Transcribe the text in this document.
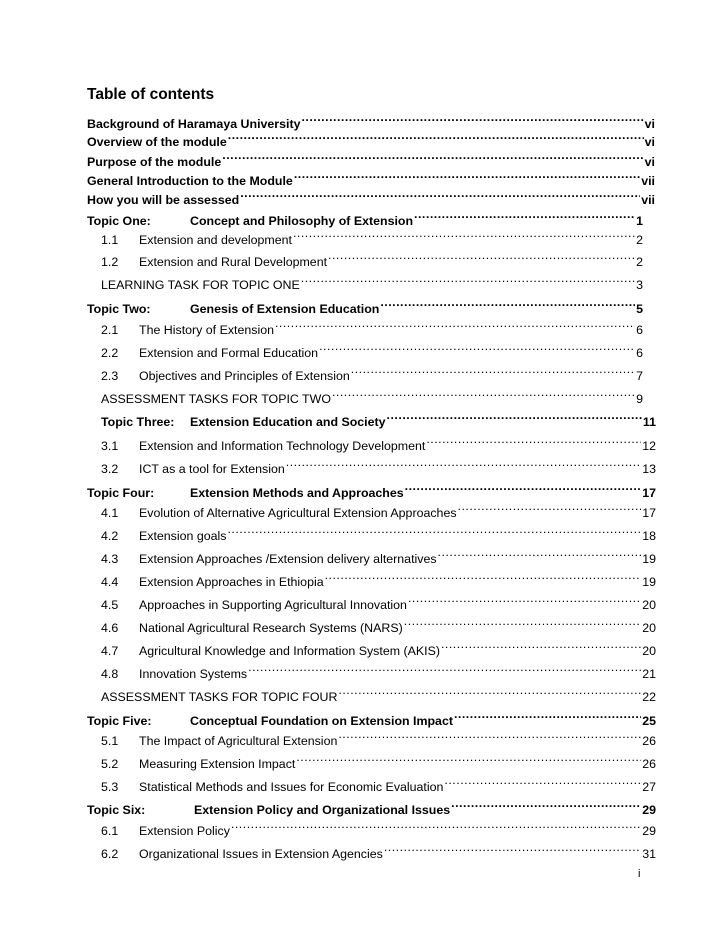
Table of contents
Background of Haramaya University .....	vi
Overview of the module .....	vi
Purpose of the module .....	vi
General Introduction to the Module .....	vii
How you will be assessed .....	vii
Topic One:	Concept and Philosophy of Extension .....	1
1.1	Extension and development .....	2
1.2	Extension and Rural Development .....	2
LEARNING TASK FOR TOPIC ONE .....	3
Topic Two:	Genesis of Extension Education .....	5
2.1	The History of Extension .....	6
2.2	Extension and Formal Education .....	6
2.3	Objectives and Principles of Extension .....	7
ASSESSMENT TASKS FOR TOPIC TWO .....	9
Topic Three:	Extension Education and Society .....	11
3.1	Extension and Information Technology Development .....	12
3.2	ICT as a tool for Extension .....	13
Topic Four:	Extension Methods and Approaches .....	17
4.1	Evolution of Alternative Agricultural Extension Approaches .....	17
4.2	Extension goals .....	18
4.3	Extension Approaches /Extension delivery alternatives .....	19
4.4	Extension Approaches in Ethiopia .....	19
4.5	Approaches in Supporting Agricultural Innovation .....	20
4.6	National Agricultural Research Systems (NARS) .....	20
4.7	Agricultural Knowledge and Information System (AKIS) .....	20
4.8	Innovation Systems .....	21
ASSESSMENT TASKS FOR TOPIC FOUR .....	22
Topic Five:	Conceptual Foundation on Extension Impact .....	25
5.1	The Impact of Agricultural Extension .....	26
5.2	Measuring Extension Impact .....	26
5.3	Statistical Methods and Issues for Economic Evaluation .....	27
Topic Six:	Extension Policy and Organizational Issues .....	29
6.1	Extension Policy .....	29
6.2	Organizational Issues in Extension Agencies .....	31
i
